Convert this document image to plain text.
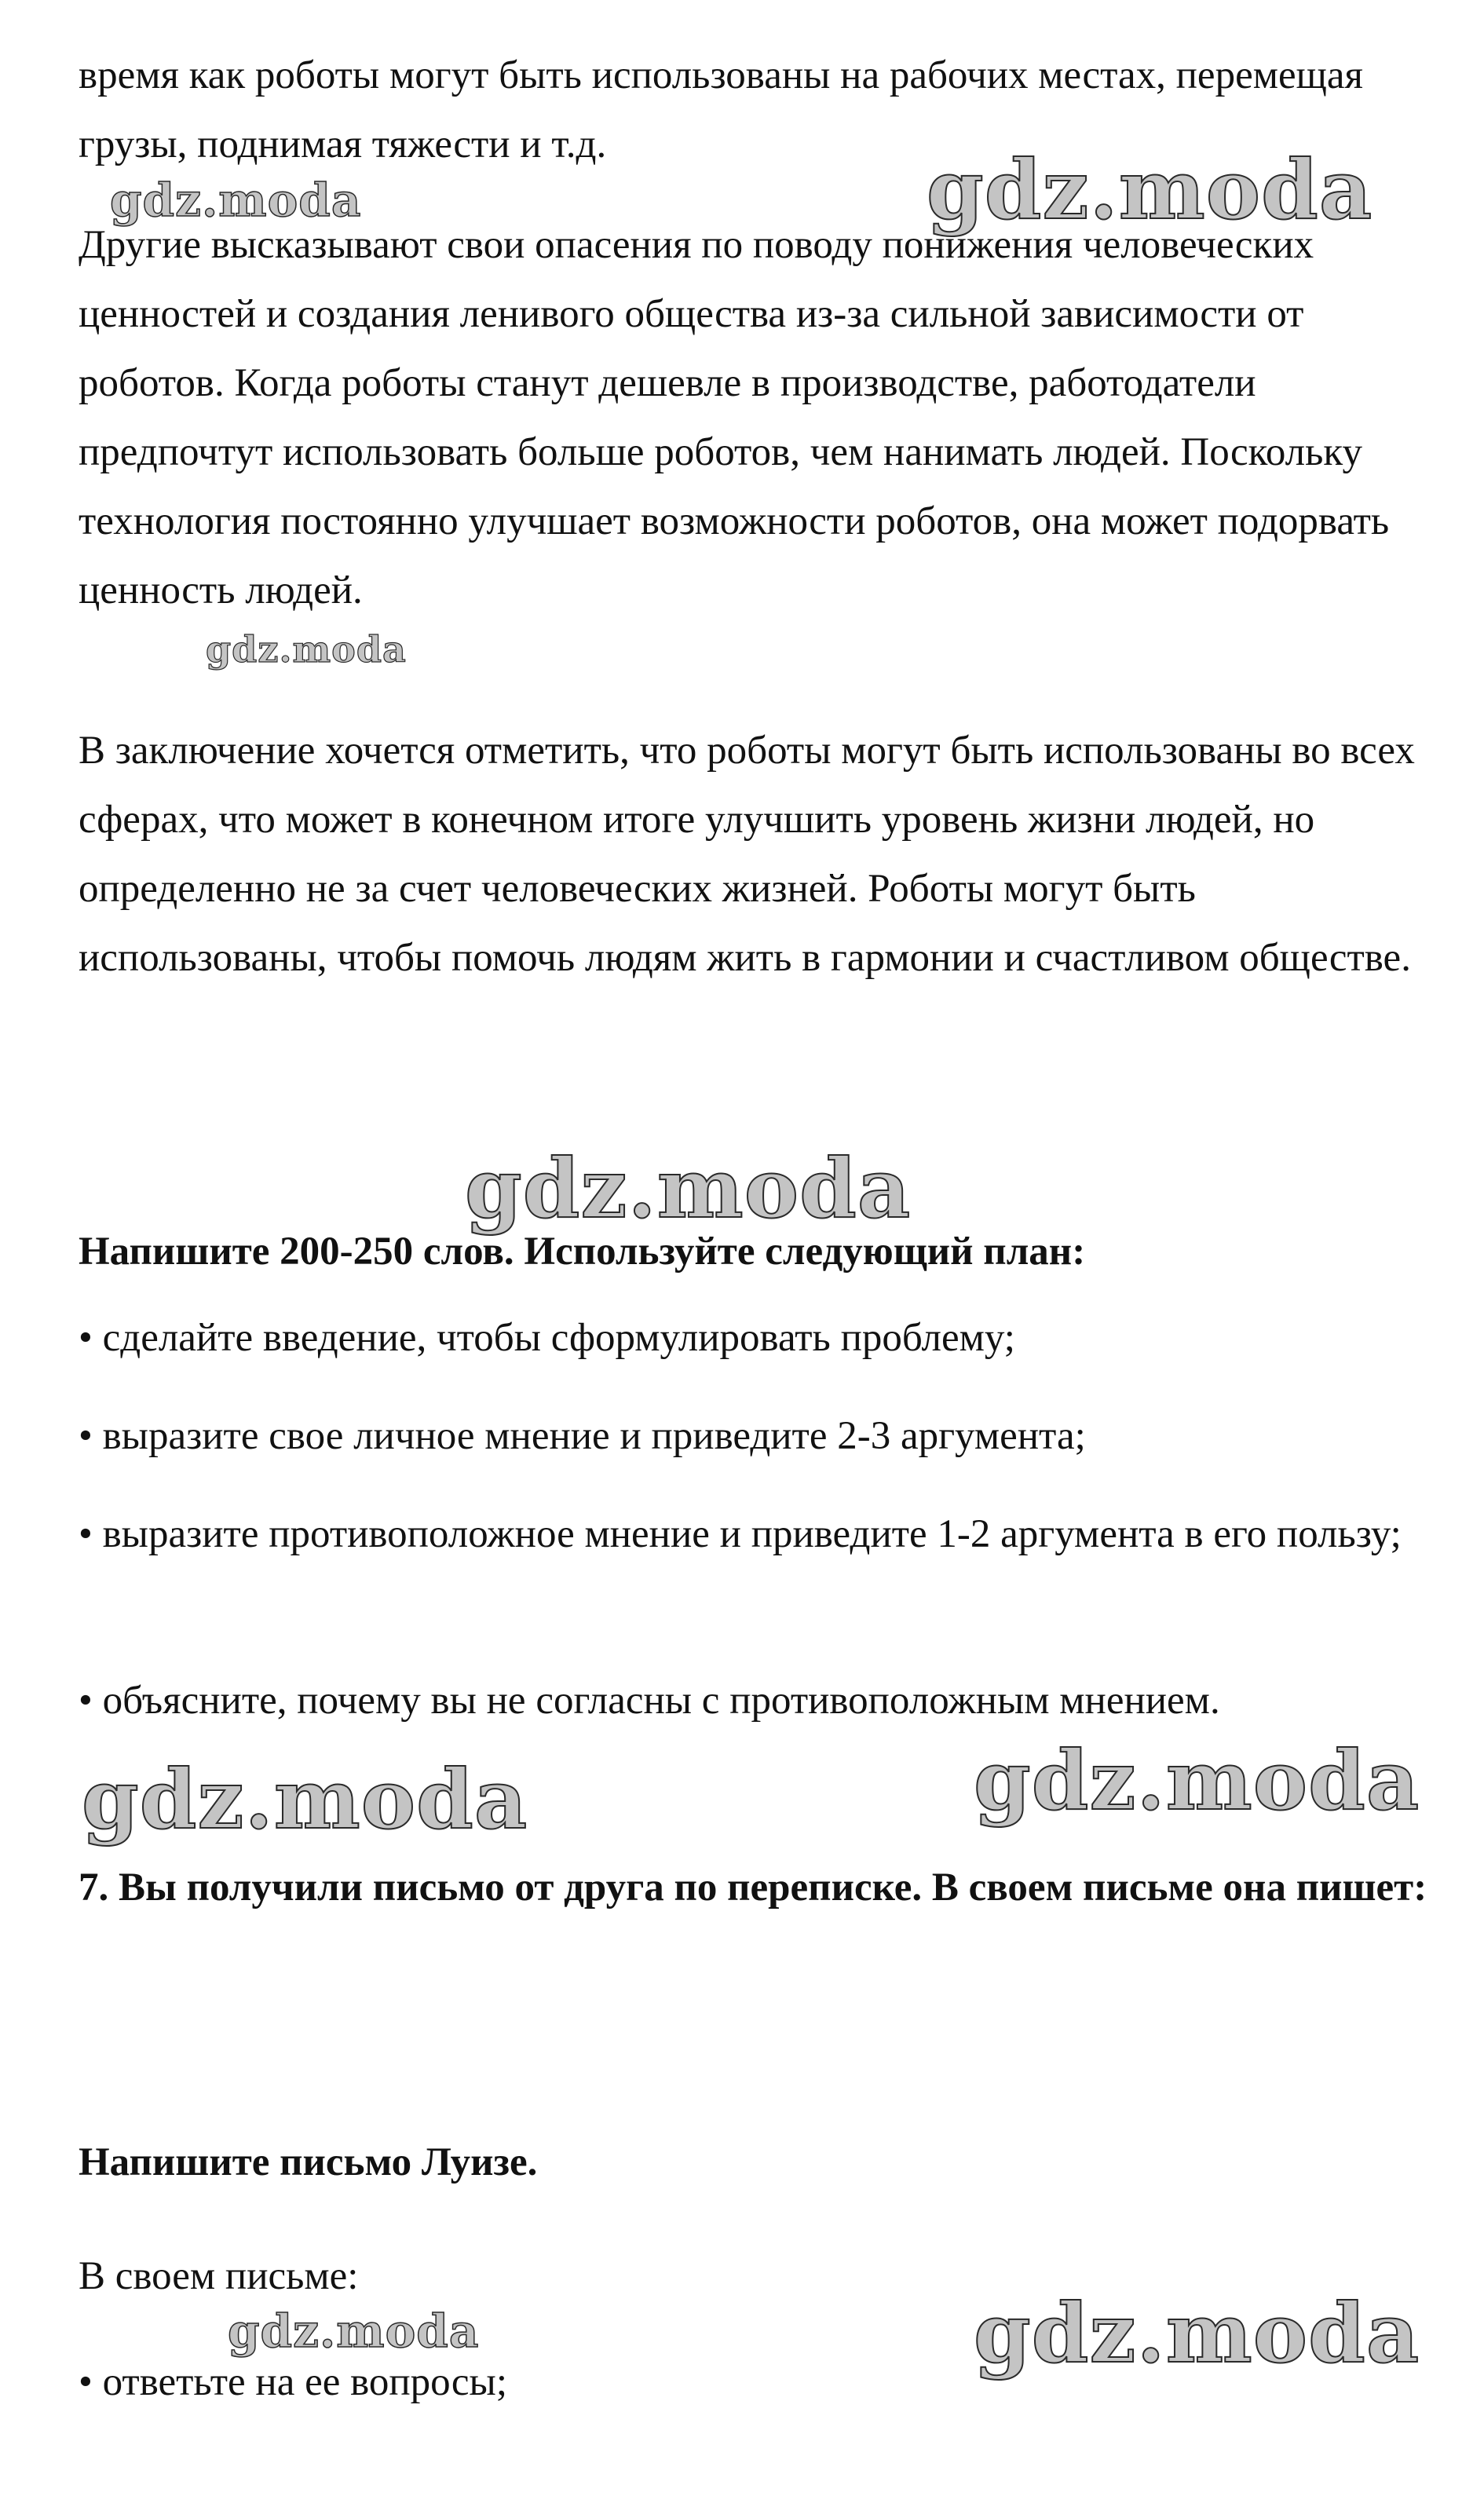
время как роботы могут быть использованы на рабочих местах, перемещая грузы, поднимая тяжести и т.д.

Другие высказывают свои опасения по поводу понижения человеческих ценностей и создания ленивого общества из-за сильной зависимости от роботов. Когда роботы станут дешевле в производстве, работодатели предпочтут использовать больше роботов, чем нанимать людей. Поскольку технология постоянно улучшает возможности роботов, она может подорвать ценность людей.

В заключение хочется отметить, что роботы могут быть использованы во всех сферах, что может в конечном итоге улучшить уровень жизни людей, но определенно не за счет человеческих жизней. Роботы могут быть использованы, чтобы помочь людям жить в гармонии и счастливом обществе.

Напишите 200-250 слов. Используйте следующий план:

• сделайте введение, чтобы сформулировать проблему;

• выразите свое личное мнение и приведите 2-3 аргумента;

• выразите противоположное мнение и приведите 1-2 аргумента в его пользу;

• объясните, почему вы не согласны с противоположным мнением.

7. Вы получили письмо от друга по переписке. В своем письме она пишет:

Напишите письмо Луизе.

В своем письме:

• ответьте на ее вопросы;

gdz.moda	gdz.moda
gdz.moda
gdz.moda
gdz.moda	gdz.moda
gdz.moda	gdz.moda
